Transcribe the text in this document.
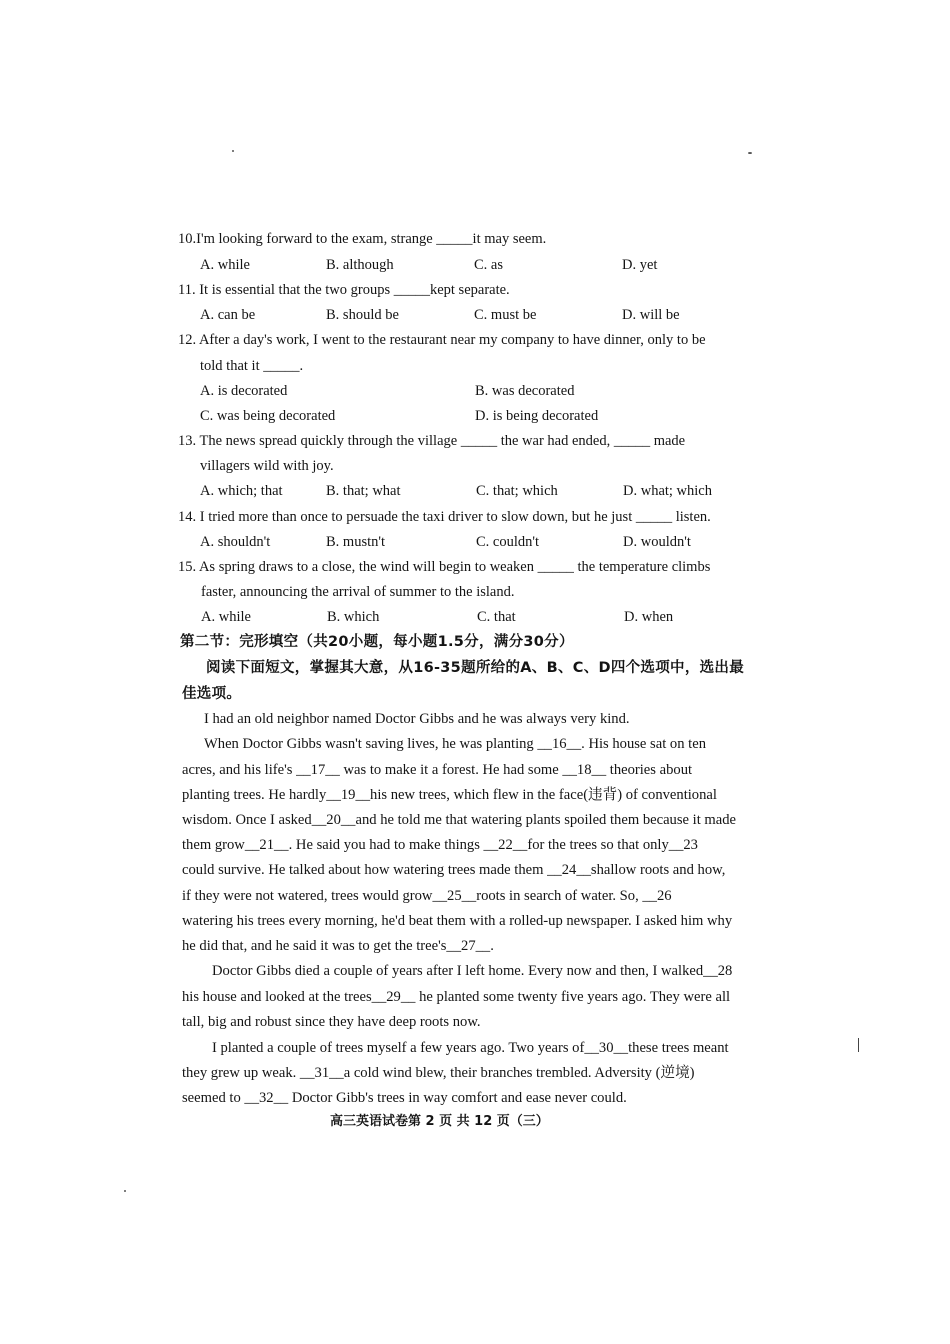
10.I'm looking forward to the exam, strange _____it may seem.
A. while	B. although	C. as	D. yet
11. It is essential that the two groups _____kept separate.
A. can be	B. should be	C. must be	D. will be
12. After a day's work, I went to the restaurant near my company to have dinner, only to be
told that it _____.
A. is decorated	B. was decorated
C. was being decorated	D. is being decorated
13. The news spread quickly through the village _____ the war had ended, _____ made
villagers wild with joy.
A. which; that	B. that; what	C. that; which	D. what; which
14. I tried more than once to persuade the taxi driver to slow down, but he just _____ listen.
A. shouldn't	B. mustn't	C. couldn't	D. wouldn't
15. As spring draws to a close, the wind will begin to weaken _____ the temperature climbs
faster, announcing the arrival of summer to the island.
A. while	B. which	C. that	D. when
第二节：完形填空（共20小题，每小题1.5分，满分30分）
阅读下面短文，掌握其大意，从16-35题所给的A、B、C、D四个选项中，选出最
佳选项。
I had an old neighbor named Doctor Gibbs and he was always very kind.
When Doctor Gibbs wasn't saving lives, he was planting __16__. His house sat on ten
acres, and his life's __17__ was to make it a forest. He had some __18__ theories about
planting trees. He hardly__19__his new trees, which flew in the face(违背) of conventional
wisdom. Once I asked__20__and he told me that watering plants spoiled them because it made
them grow__21__. He said you had to make things __22__for the trees so that only__23
could survive. He talked about how watering trees made them __24__shallow roots and how,
if they were not watered, trees would grow__25__roots in search of water. So, __26
watering his trees every morning, he'd beat them with a rolled-up newspaper. I asked him why
he did that, and he said it was to get the tree's__27__.
Doctor Gibbs died a couple of years after I left home. Every now and then, I walked__28
his house and looked at the trees__29__ he planted some twenty five years ago. They were all
tall, big and robust since they have deep roots now.
I planted a couple of trees myself a few years ago. Two years of__30__these trees meant
they grew up weak. __31__a cold wind blew, their branches trembled. Adversity (逆境)
seemed to __32__ Doctor Gibb's trees in way comfort and ease never could.
高三英语试卷第 2 页 共 12 页（三）
